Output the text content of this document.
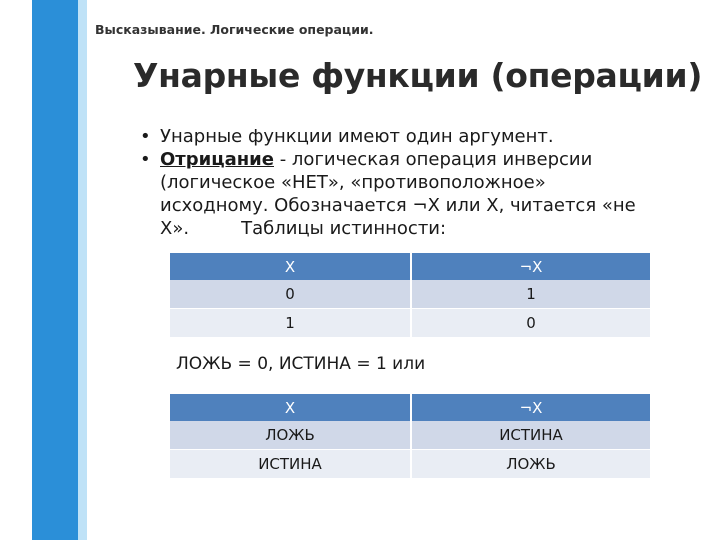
Высказывание. Логические операции.
Унарные функции (операции)
• Унарные функции имеют один аргумент.
• Отрицание - логическая операция инверсии
(логическое «НЕТ», «противоположное»
исходному. Обозначается ¬X или X, читается «не
X».	Таблицы истинности:
X	¬X
0	1
1	0
ЛОЖЬ = 0, ИСТИНА = 1 или
X	¬X
ЛОЖЬ	ИСТИНА
ИСТИНА	ЛОЖЬ
